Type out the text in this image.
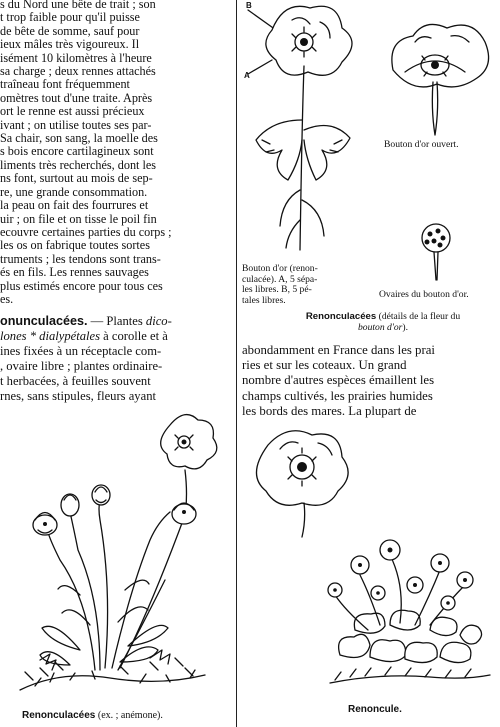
s du Nord une bête de trait ; son
t trop faible pour qu'il puisse
de bête de somme, sauf pour
ieux mâles très vigoureux. Il
isément 10 kilomètres à l'heure
sa charge ; deux rennes attachés
traîneau font fréquemment
omètres tout d'une traite. Après
ort le renne est aussi précieux
ivant ; on utilise toutes ses par-
Sa chair, son sang, la moelle des
s bois encore cartilagineux sont
liments très recherchés, dont les
ns font, surtout au mois de sep-
re, une grande consommation.
la peau on fait des fourrures et
uir ; on file et on tisse le poil fin
ecouvre certaines parties du corps ;
les os on fabrique toutes sortes
truments ; les tendons sont trans-
és en fils. Les rennes sauvages
plus estimés encore pour tous ces
es.
onunculacées. — Plantes dico-
lones * dialypétales à corolle et à
ines fixées à un réceptacle com-
, ovaire libre ; plantes ordinaire-
t herbacées, à feuilles souvent
rnes, sans stipules, fleurs ayant
Renonculacées (ex. ; anémone).
B
A
Bouton d'or ouvert.
Bouton d'or (renon-
culacée). A, 5 sépa-
les libres. B, 5 pé-
tales libres.
Ovaires du bouton d'or.
Renonculacées (détails de la fleur du
bouton d'or).
abondamment en France dans les prai
ries et sur les coteaux. Un grand
nombre d'autres espèces émaillent les
champs cultivés, les prairies humides
les bords des mares. La plupart de
Renoncule.
